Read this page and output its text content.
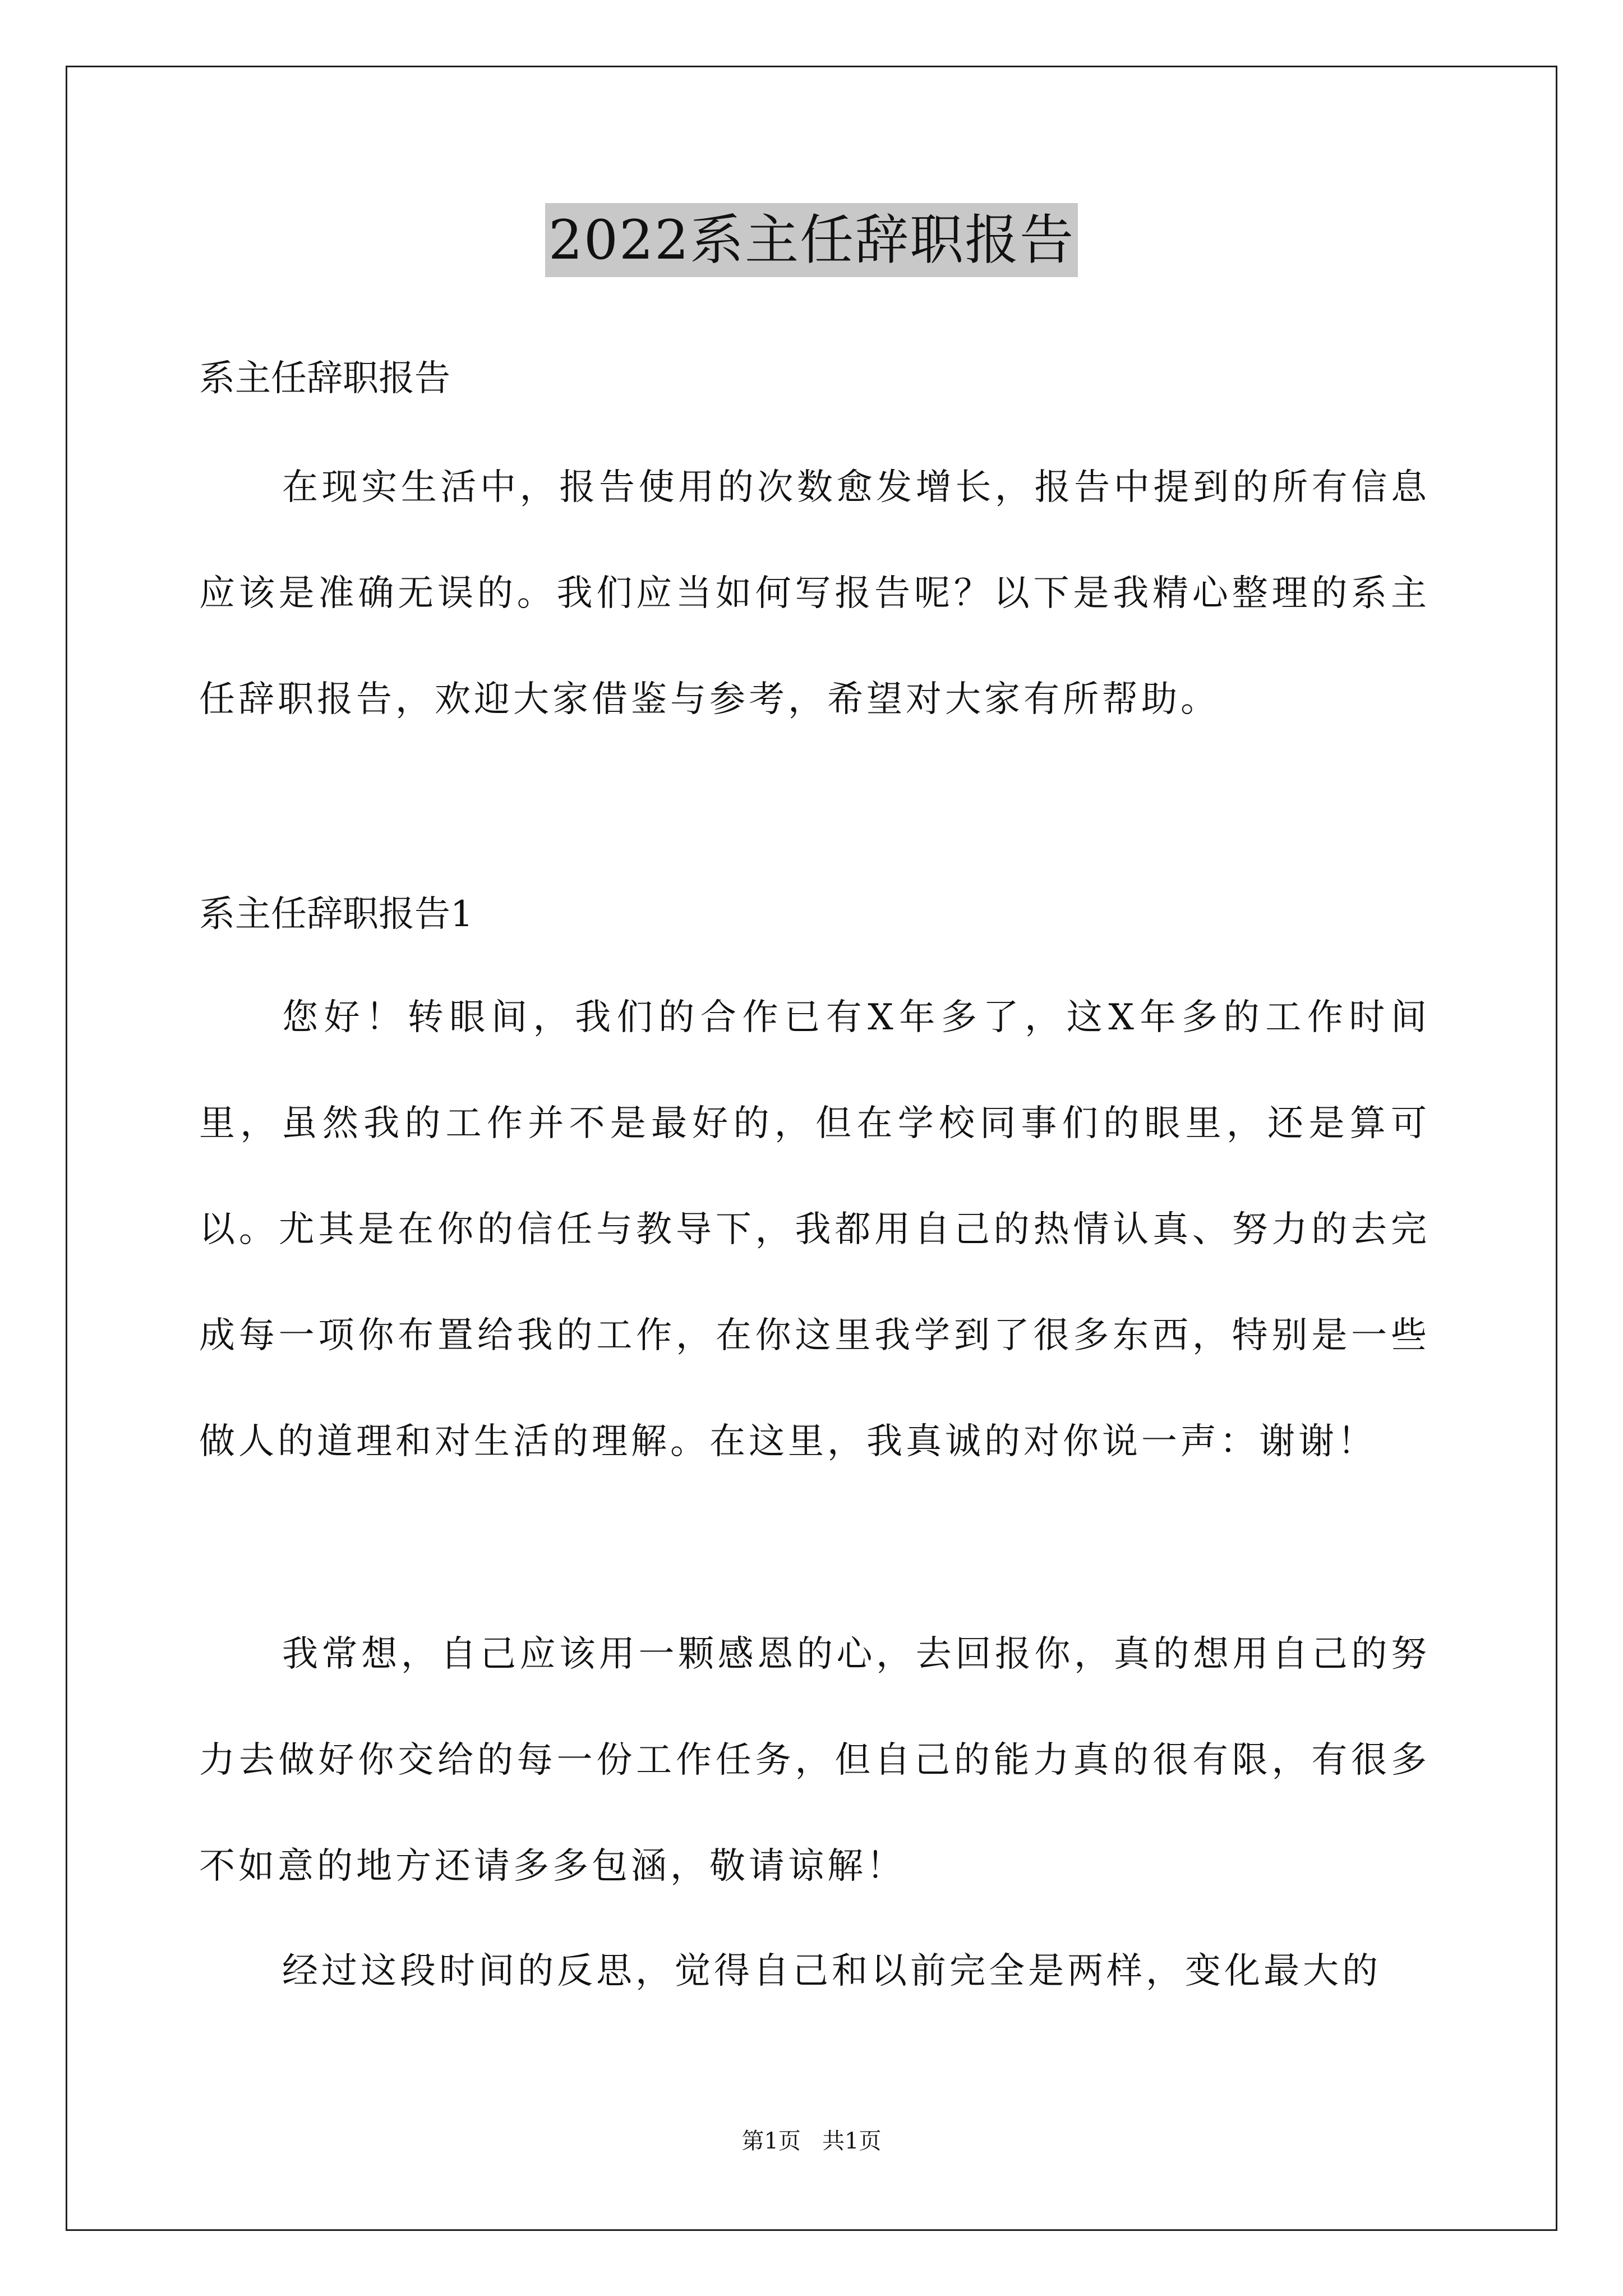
2022系主任辞职报告
系主任辞职报告
在现实生活中，报告使用的次数愈发增长，报告中提到的所有信息应该是准确无误的。我们应当如何写报告呢？以下是我精心整理的系主任辞职报告，欢迎大家借鉴与参考，希望对大家有所帮助。
系主任辞职报告1
您好！转眼间，我们的合作已有X年多了，这X年多的工作时间里，虽然我的工作并不是最好的，但在学校同事们的眼里，还是算可以。尤其是在你的信任与教导下，我都用自己的热情认真、努力的去完成每一项你布置给我的工作，在你这里我学到了很多东西，特别是一些做人的道理和对生活的理解。在这里，我真诚的对你说一声：谢谢！
我常想，自己应该用一颗感恩的心，去回报你，真的想用自己的努力去做好你交给的每一份工作任务，但自己的能力真的很有限，有很多不如意的地方还请多多包涵，敬请谅解！
经过这段时间的反思，觉得自己和以前完全是两样，变化最大的
第1页   共1页
